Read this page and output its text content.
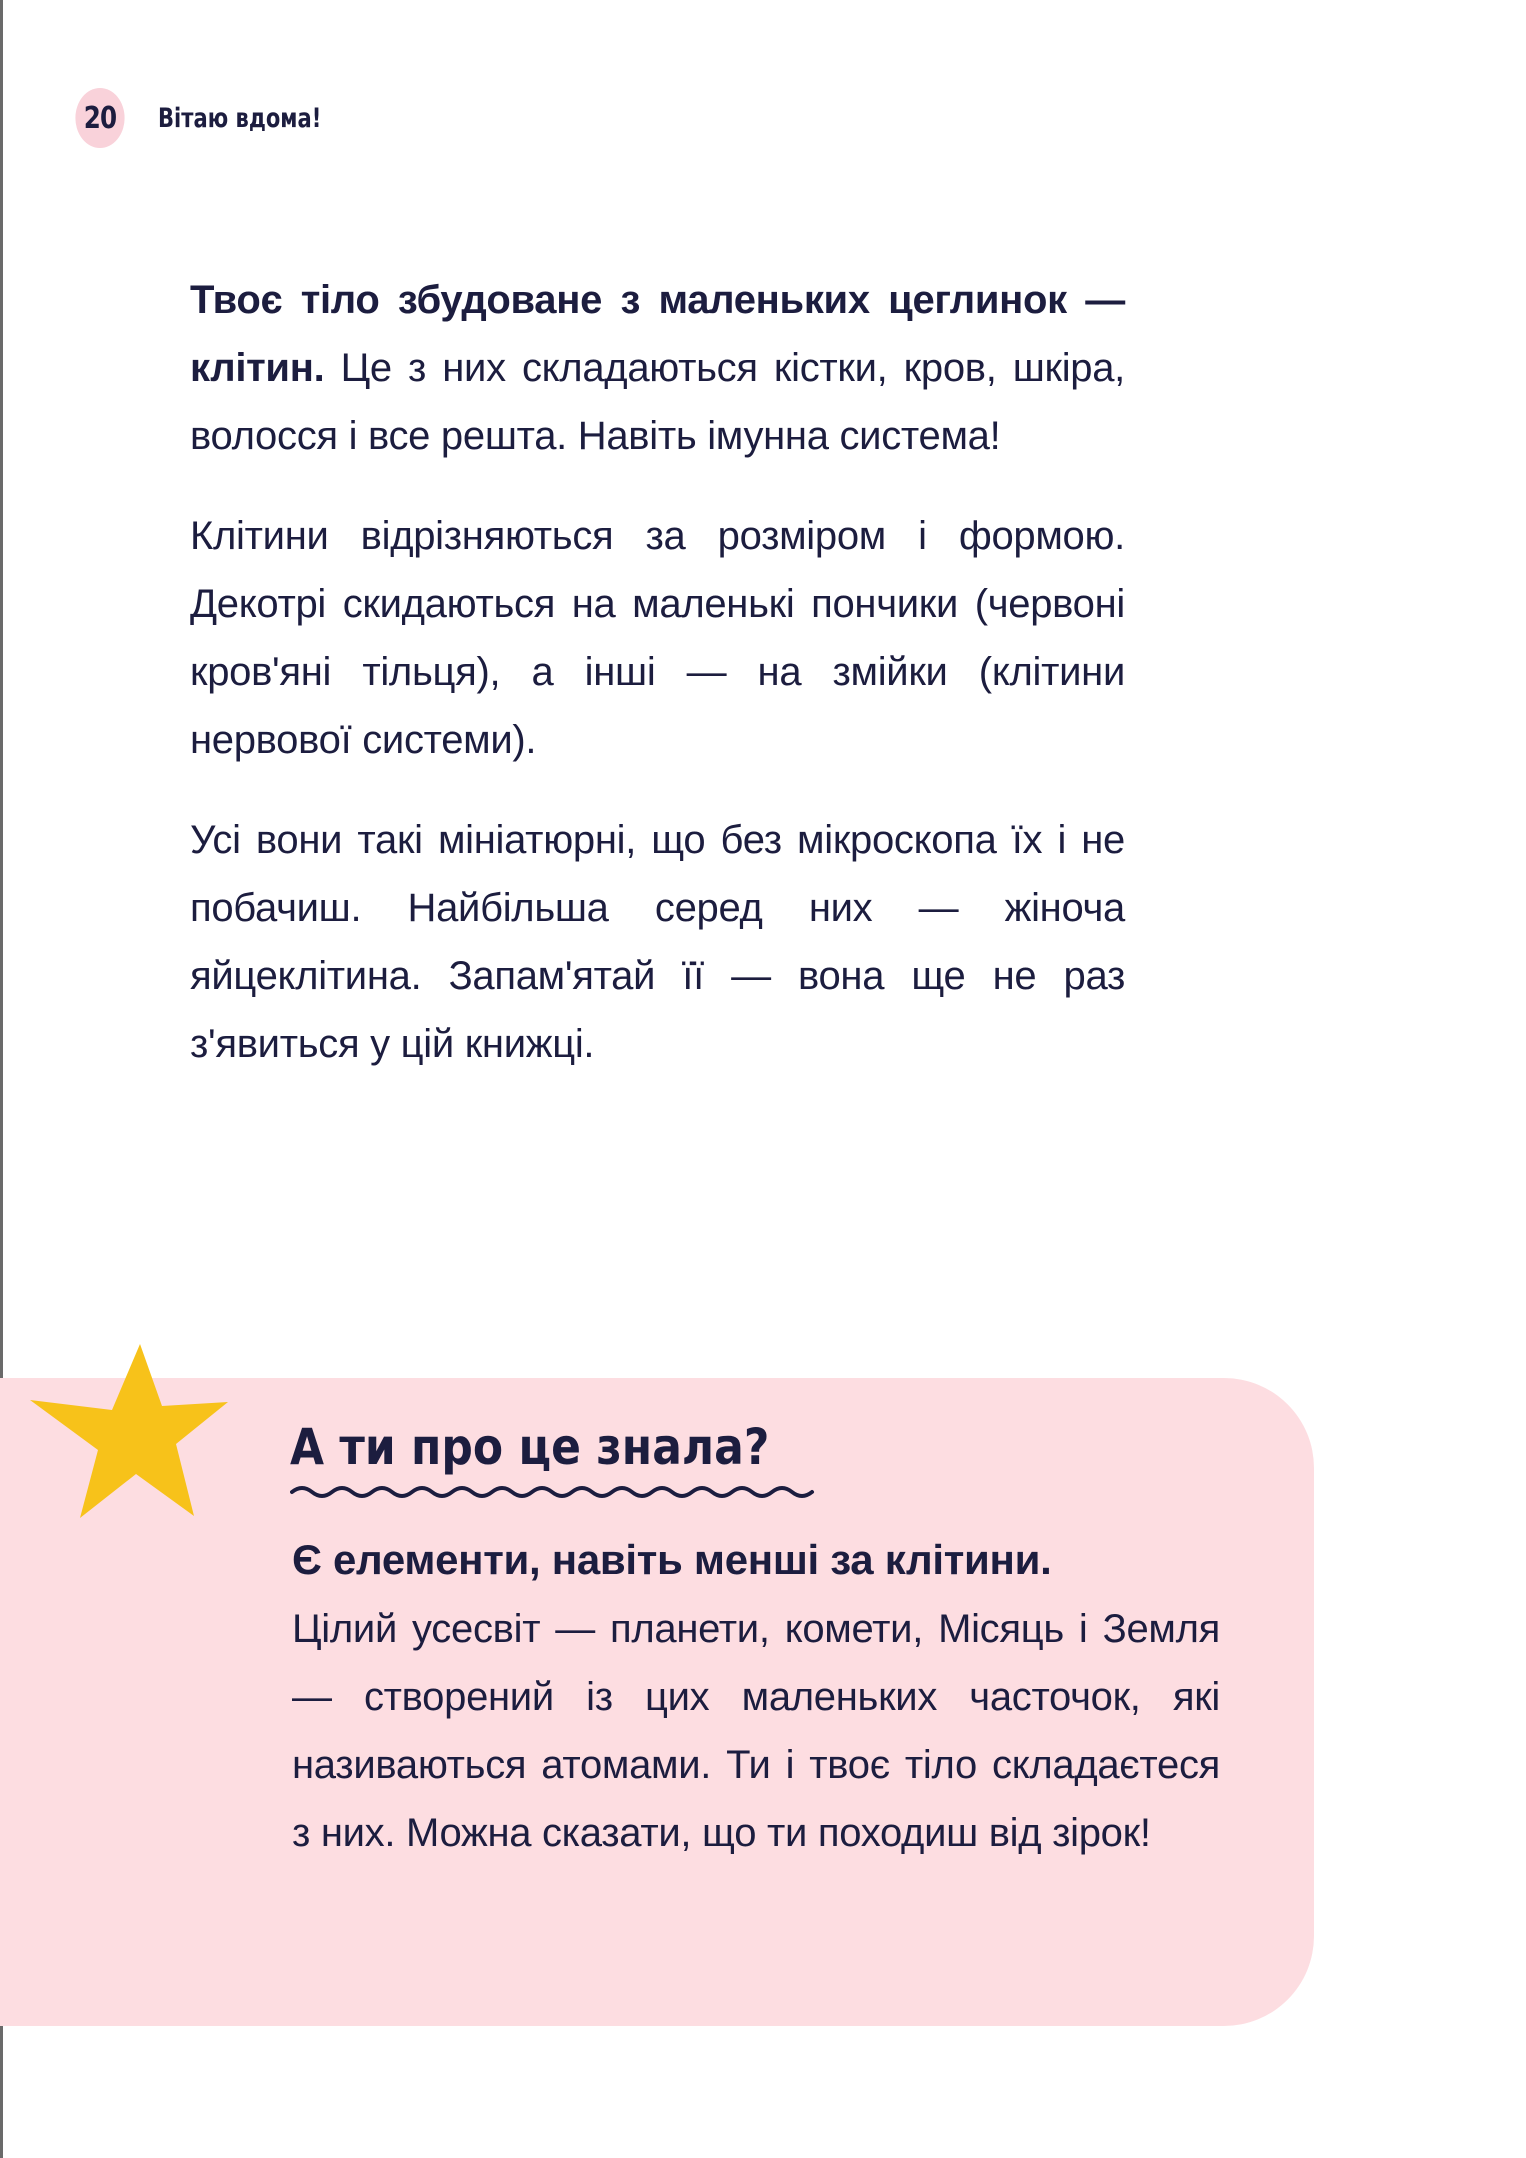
20	Вітаю вдома!

Твоє тіло збудоване з маленьких цеглинок — клітин. Це з них складаються кістки, кров, шкіра, волосся і все решта. Навіть імунна система!

Клітини відрізняються за розміром і формою. Декотрі скидаються на маленькі пончики (червоні кров'яні тільця), а інші — на змійки (клітини нервової системи).

Усі вони такі мініатюрні, що без мікроскопа їх і не побачиш. Найбільша серед них — жіноча яйцеклітина. Запам'ятай її — вона ще не раз з'явиться у цій книжці.

А ти про це знала?

Є елементи, навіть менші за клітини.

Цілий усесвіт — планети, комети, Місяць і Земля — створений із цих маленьких часточок, які називаються атомами. Ти і твоє тіло складаєтеся з них. Можна сказати, що ти походиш від зірок!
